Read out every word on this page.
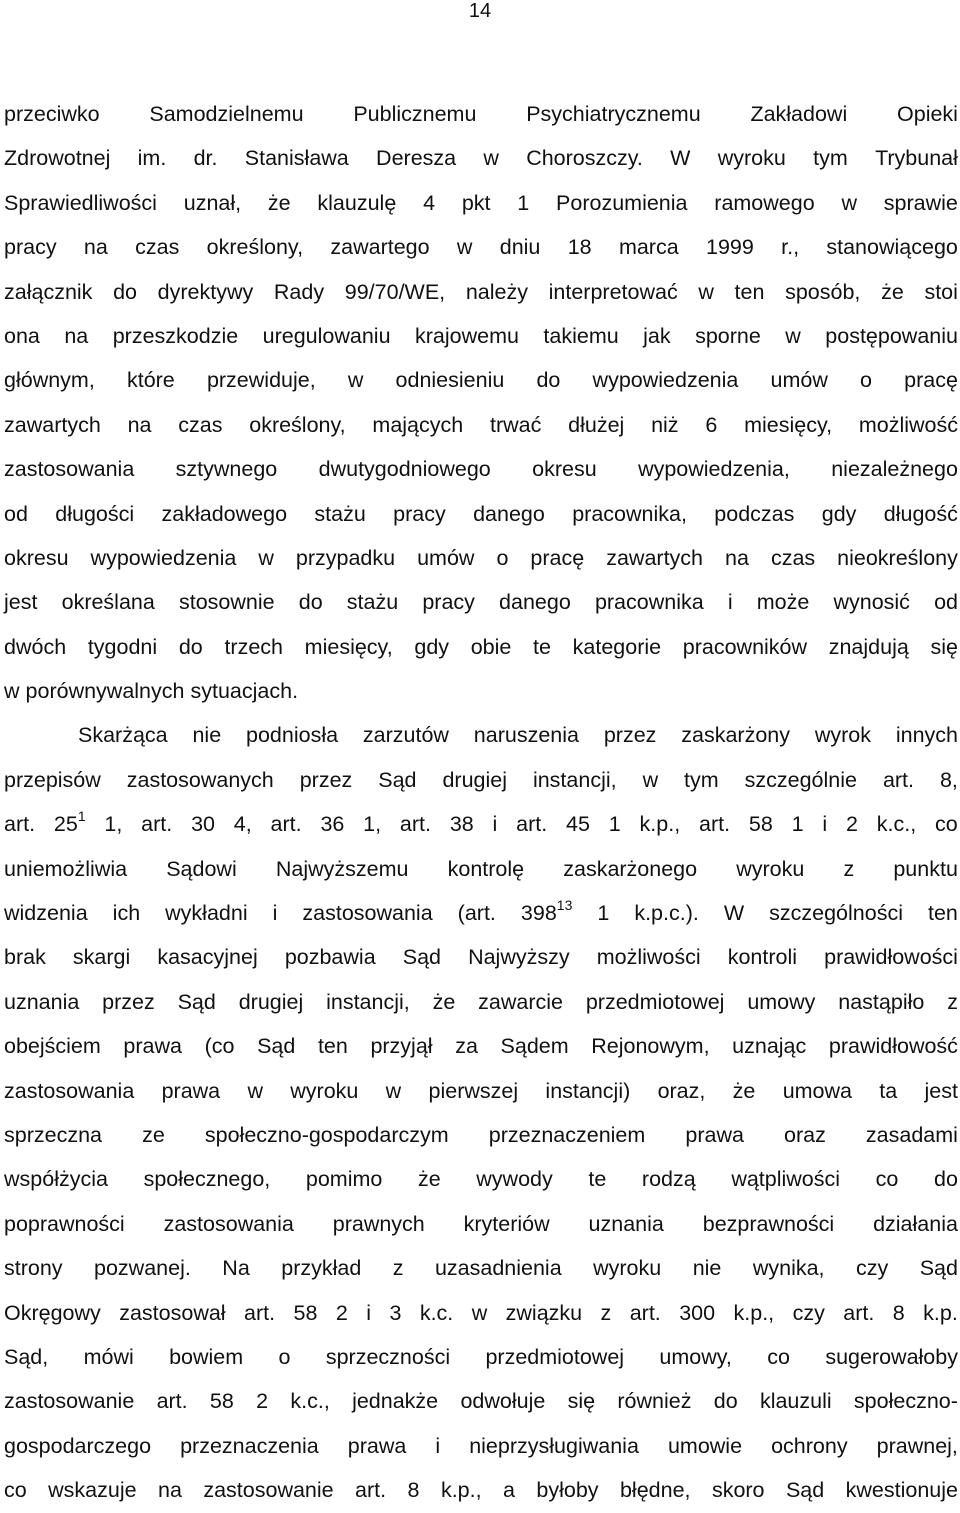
14
przeciwko Samodzielnemu Publicznemu Psychiatrycznemu Zakładowi Opieki
Zdrowotnej im. dr. Stanisława Deresza w Choroszczy. W wyroku tym Trybunał
Sprawiedliwości uznał, że klauzulę 4 pkt 1 Porozumienia ramowego w sprawie
pracy na czas określony, zawartego w dniu 18 marca 1999 r., stanowiącego
załącznik do dyrektywy Rady 99/70/WE, należy interpretować w ten sposób, że stoi
ona na przeszkodzie uregulowaniu krajowemu takiemu jak sporne w postępowaniu
głównym, które przewiduje, w odniesieniu do wypowiedzenia umów o pracę
zawartych na czas określony, mających trwać dłużej niż 6 miesięcy, możliwość
zastosowania sztywnego dwutygodniowego okresu wypowiedzenia, niezależnego
od długości zakładowego stażu pracy danego pracownika, podczas gdy długość
okresu wypowiedzenia w przypadku umów o pracę zawartych na czas nieokreślony
jest określana stosownie do stażu pracy danego pracownika i może wynosić od
dwóch tygodni do trzech miesięcy, gdy obie te kategorie pracowników znajdują się
w porównywalnych sytuacjach.
Skarżąca nie podniosła zarzutów naruszenia przez zaskarżony wyrok innych
przepisów zastosowanych przez Sąd drugiej instancji, w tym szczególnie art. 8,
art. $25^1$ 1, art. 30 4, art. 36 1, art. 38 i art. 45 1 k.p., art. 58 1 i 2 k.c., co
uniemożliwia Sądowi Najwyższemu kontrolę zaskarżonego wyroku z punktu
widzenia ich wykładni i zastosowania (art. $398^{13}$ 1 k.p.c.). W szczególności ten
brak skargi kasacyjnej pozbawia Sąd Najwyższy możliwości kontroli prawidłowości
uznania przez Sąd drugiej instancji, że zawarcie przedmiotowej umowy nastąpiło z
obejściem prawa (co Sąd ten przyjął za Sądem Rejonowym, uznając prawidłowość
zastosowania prawa w wyroku w pierwszej instancji) oraz, że umowa ta jest
sprzeczna ze społeczno-gospodarczym przeznaczeniem prawa oraz zasadami
współżycia społecznego, pomimo że wywody te rodzą wątpliwości co do
poprawności zastosowania prawnych kryteriów uznania bezprawności działania
strony pozwanej. Na przykład z uzasadnienia wyroku nie wynika, czy Sąd
Okręgowy zastosował art. 58 2 i 3 k.c. w związku z art. 300 k.p., czy art. 8 k.p.
Sąd, mówi bowiem o sprzeczności przedmiotowej umowy, co sugerowałoby
zastosowanie art. 58 2 k.c., jednakże odwołuje się również do klauzuli społeczno-
gospodarczego przeznaczenia prawa i nieprzysługiwania umowie ochrony prawnej,
co wskazuje na zastosowanie art. 8 k.p., a byłoby błędne, skoro Sąd kwestionuje
